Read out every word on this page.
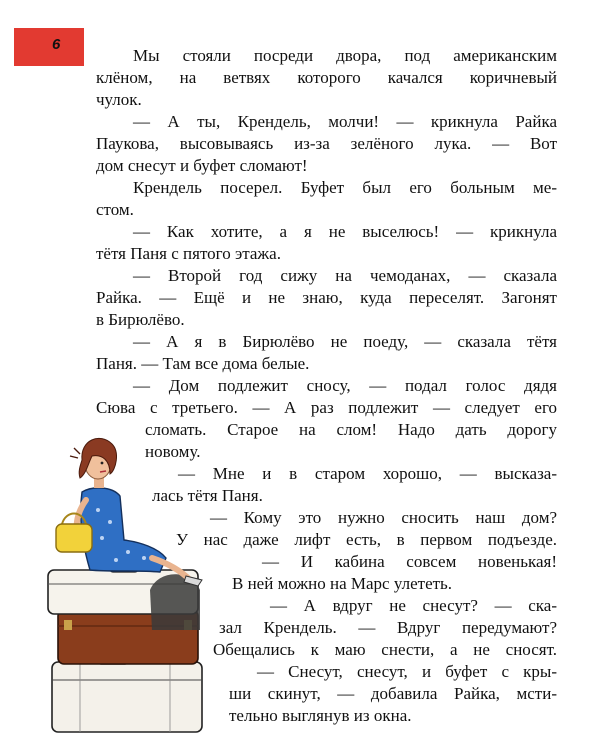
6
Мы стояли посреди двора, под американским
клёном, на ветвях которого качался коричневый
чулок.
— А ты, Крендель, молчи! — крикнула Райка
Паукова, высовываясь из-за зелёного лука. — Вот
дом снесут и буфет сломают!
Крендель посерел. Буфет был его больным ме-
стом.
— Как хотите, а я не выселюсь! — крикнула
тётя Паня с пятого этажа.
— Второй год сижу на чемоданах, — сказала
Райка. — Ещё и не знаю, куда переселят. Загонят
в Бирюлёво.
— А я в Бирюлёво не поеду, — сказала тётя
Паня. — Там все дома белые.
— Дом подлежит сносу, — подал голос дядя
Сюва с третьего. — А раз подлежит — следует его
сломать. Старое на слом! Надо дать дорогу
новому.
— Мне и в старом хорошо, — высказа-
лась тётя Паня.
— Кому это нужно сносить наш дом?
У нас даже лифт есть, в первом подъезде.
— И кабина совсем новенькая!
В ней можно на Марс улететь.
— А вдруг не снесут? — ска-
зал Крендель. — Вдруг передумают?
Обещались к маю снести, а не сносят.
— Снесут, снесут, и буфет с кры-
ши скинут, — добавила Райка, мсти-
тельно выглянув из окна.
